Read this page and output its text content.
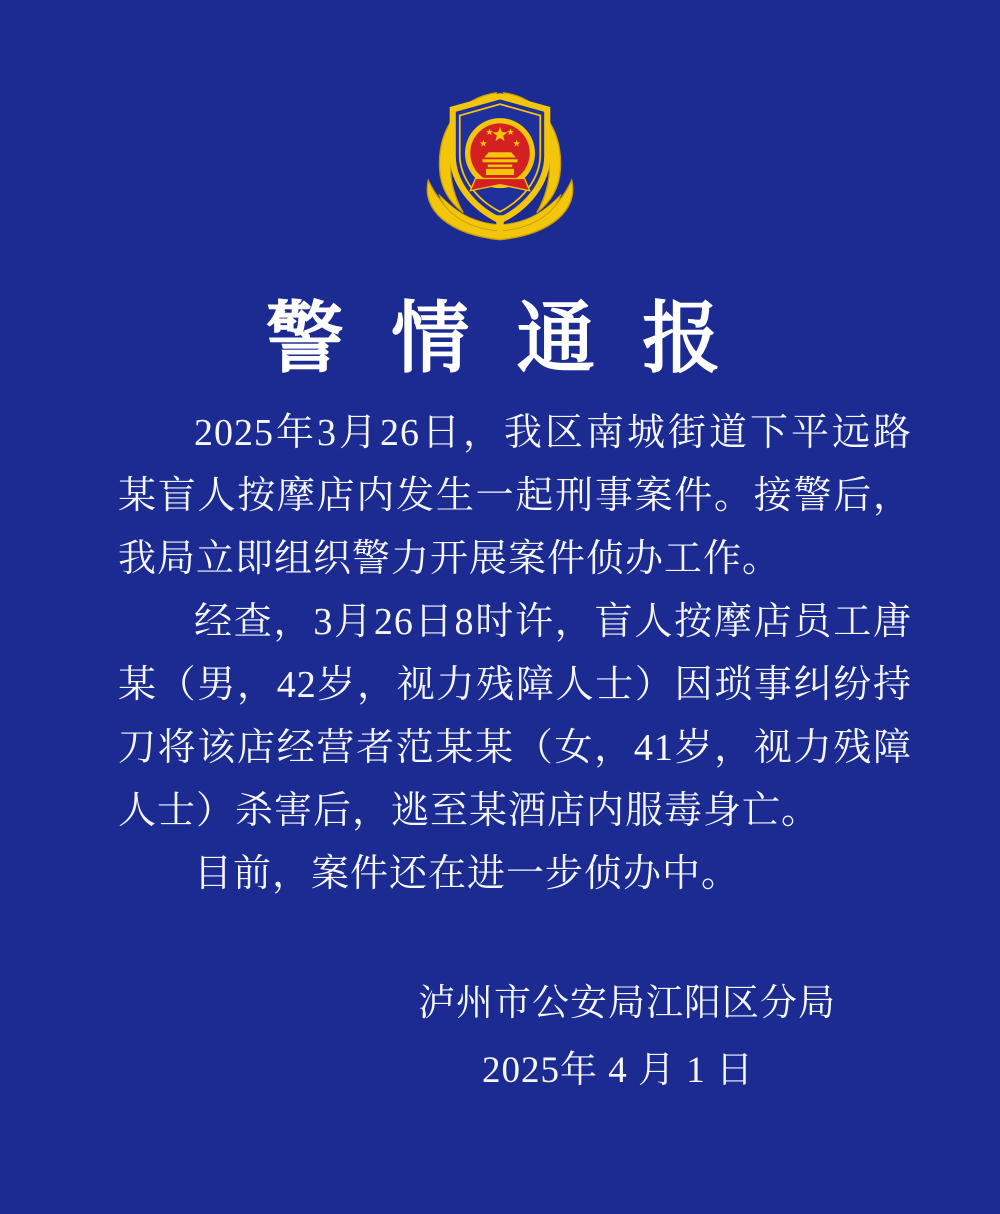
警 情 通 报

2025年3月26日，我区南城街道下平远路某盲人按摩店内发生一起刑事案件。接警后，我局立即组织警力开展案件侦办工作。

经查，3月26日8时许，盲人按摩店员工唐某（男，42岁，视力残障人士）因琐事纠纷持刀将该店经营者范某某（女，41岁，视力残障人士）杀害后，逃至某酒店内服毒身亡。

目前，案件还在进一步侦办中。

泸州市公安局江阳区分局
2025年 4 月 1 日
